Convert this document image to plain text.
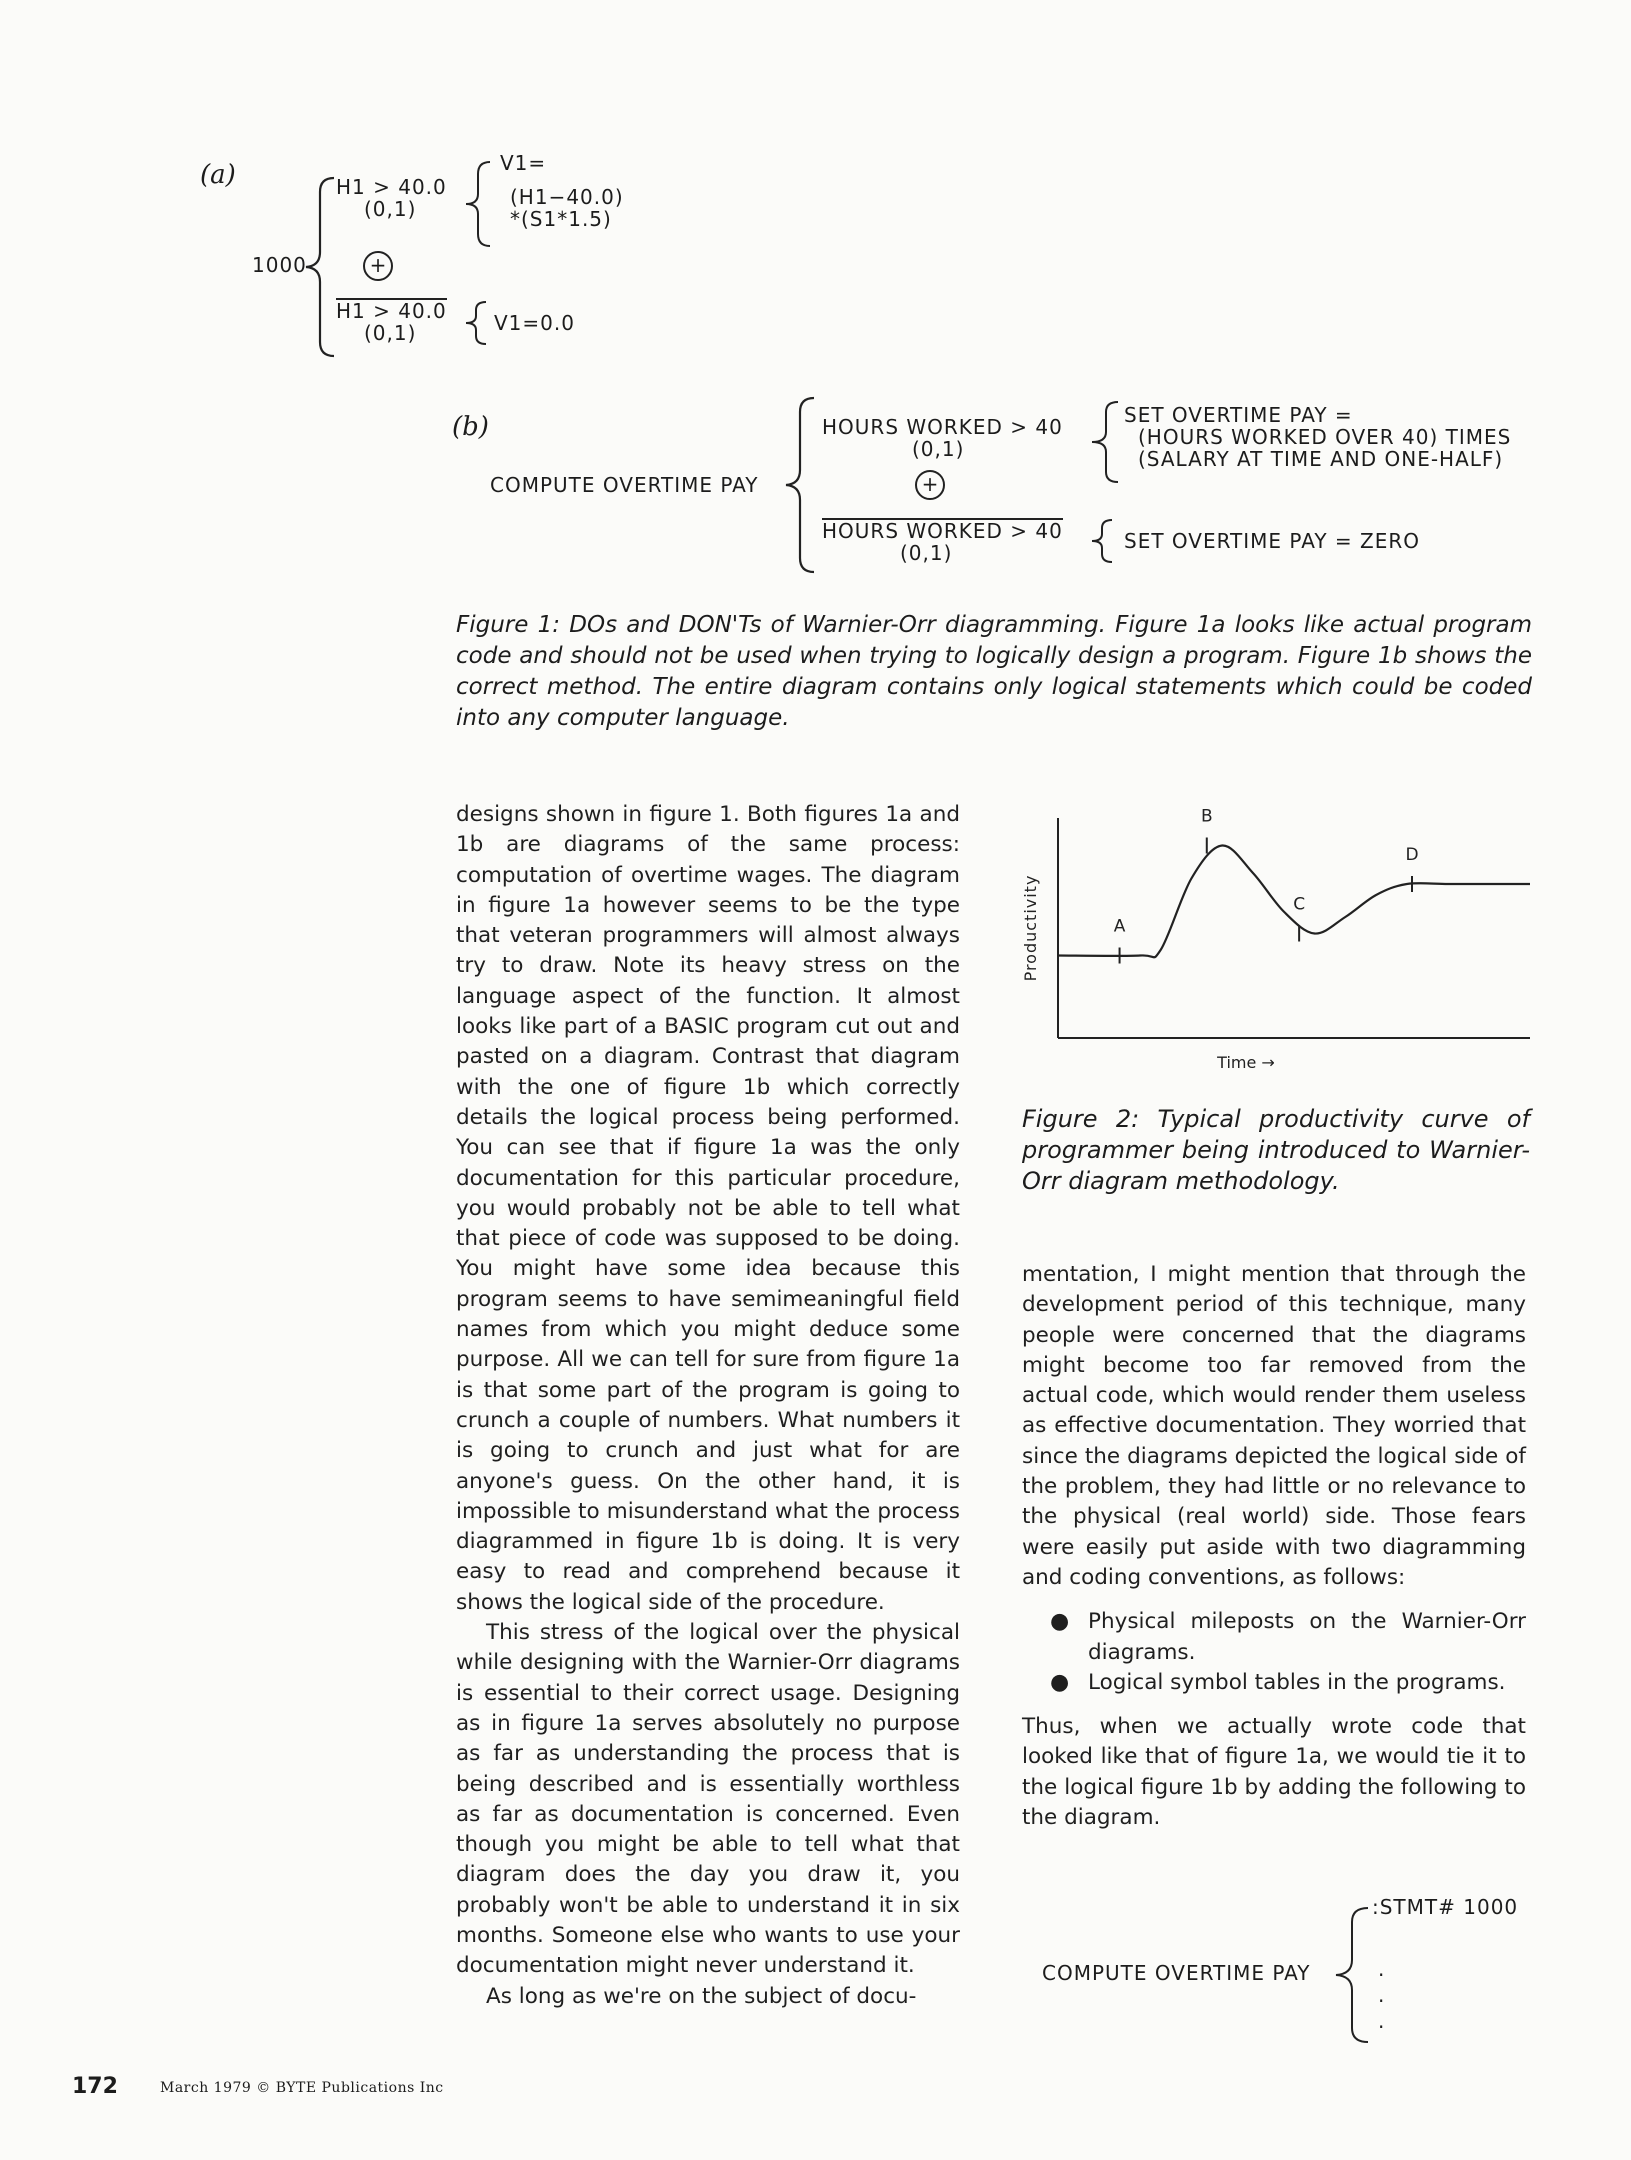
(a)
1000
H1 > 40.0
(0,1)
V1=
(H1−40.0)
*(S1*1.5)
+
H1 > 40.0
(0,1)	V1=0.0
(b)
COMPUTE OVERTIME PAY
HOURS WORKED > 40
(0,1)
+
HOURS WORKED > 40
(0,1)
SET OVERTIME PAY =
(HOURS WORKED OVER 40) TIMES
(SALARY AT TIME AND ONE-HALF)
SET OVERTIME PAY = ZERO
Figure 1: DOs and DON'Ts of Warnier-Orr diagramming. Figure 1a looks like actual program code and should not be used when trying to logically design a program. Figure 1b shows the correct method. The entire diagram contains only logical statements which could be coded into any computer language.

designs shown in figure 1. Both figures 1a and 1b are diagrams of the same process: computation of overtime wages. The diagram in figure 1a however seems to be the type that veteran programmers will almost always try to draw. Note its heavy stress on the language aspect of the function. It almost looks like part of a BASIC program cut out and pasted on a diagram. Contrast that diagram with the one of figure 1b which correctly details the logical process being performed. You can see that if figure 1a was the only documentation for this particular procedure, you would probably not be able to tell what that piece of code was supposed to be doing. You might have some idea because this program seems to have semimeaningful field names from which you might deduce some purpose. All we can tell for sure from figure 1a is that some part of the program is going to crunch a couple of numbers. What numbers it is going to crunch and just what for are anyone's guess. On the other hand, it is impossible to misunderstand what the process diagrammed in figure 1b is doing. It is very easy to read and comprehend because it shows the logical side of the procedure.

This stress of the logical over the physical while designing with the Warnier-Orr diagrams is essential to their correct usage. Designing as in figure 1a serves absolutely no purpose as far as understanding the process that is being described and is essentially worthless as far as documentation is concerned. Even though you might be able to tell what that diagram does the day you draw it, you probably won't be able to understand it in six months. Someone else who wants to use your documentation might never understand it.

As long as we're on the subject of docu-

Productivity
Time →
A
B
C
D
Figure 2: Typical productivity curve of programmer being introduced to Warnier-Orr diagram methodology.

mentation, I might mention that through the development period of this technique, many people were concerned that the diagrams might become too far removed from the actual code, which would render them useless as effective documentation. They worried that since the diagrams depicted the logical side of the problem, they had little or no relevance to the physical (real world) side. Those fears were easily put aside with two diagramming and coding conventions, as follows:

● Physical mileposts on the Warnier-Orr diagrams.
● Logical symbol tables in the programs.

Thus, when we actually wrote code that looked like that of figure 1a, we would tie it to the logical figure 1b by adding the following to the diagram.

:STMT# 1000
COMPUTE OVERTIME PAY	.
.
.
172	March 1979 © BYTE Publications Inc
